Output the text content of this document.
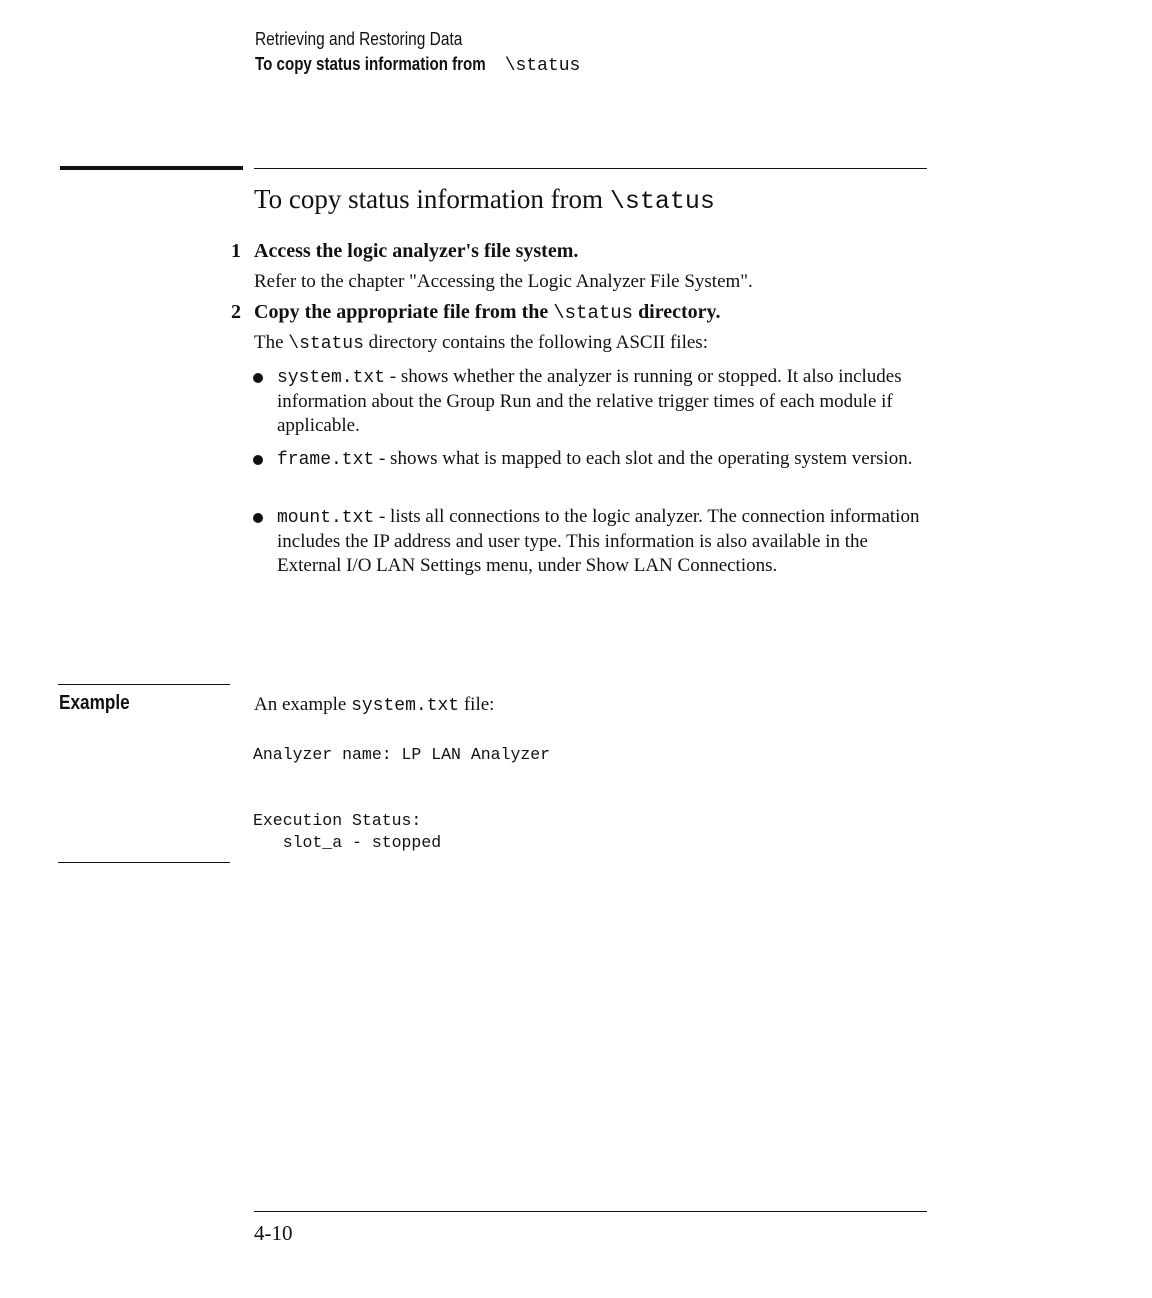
Retrieving and Restoring Data
To copy status information from \status
To copy status information from \status
1 Access the logic analyzer's file system.
Refer to the chapter "Accessing the Logic Analyzer File System".
2 Copy the appropriate file from the \status directory.
The \status directory contains the following ASCII files:
system.txt - shows whether the analyzer is running or stopped. It also includes information about the Group Run and the relative trigger times of each module if applicable.
frame.txt - shows what is mapped to each slot and the operating system version.
mount.txt - lists all connections to the logic analyzer. The connection information includes the IP address and user type. This information is also available in the External I/O LAN Settings menu, under Show LAN Connections.
Example	An example system.txt file:
Analyzer name: LP LAN Analyzer
Execution Status:
slot_a - stopped
4-10
